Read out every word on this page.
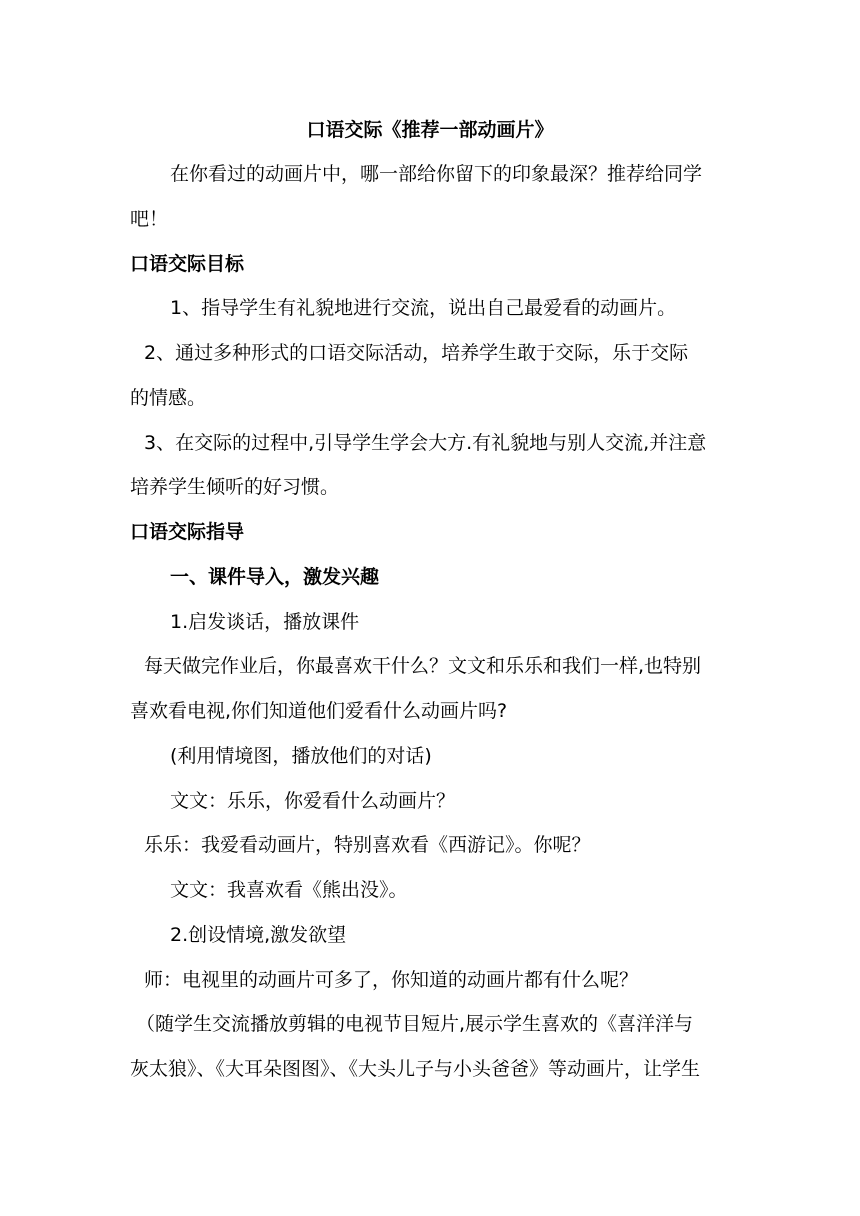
口语交际《推荐一部动画片》
在你看过的动画片中，哪一部给你留下的印象最深？推荐给同学
吧！
口语交际目标
1、指导学生有礼貌地进行交流，说出自己最爱看的动画片。
2、通过多种形式的口语交际活动，培养学生敢于交际，乐于交际
的情感。
3、在交际的过程中,引导学生学会大方.有礼貌地与别人交流,并注意
培养学生倾听的好习惯。
口语交际指导
一、课件导入，激发兴趣
1.启发谈话，播放课件
每天做完作业后，你最喜欢干什么？文文和乐乐和我们一样,也特别
喜欢看电视,你们知道他们爱看什么动画片吗?
(利用情境图，播放他们的对话)
文文：乐乐，你爱看什么动画片？
乐乐：我爱看动画片，特别喜欢看《西游记》。你呢？
文文：我喜欢看《熊出没》。
2.创设情境,激发欲望
师：电视里的动画片可多了，你知道的动画片都有什么呢？
（随学生交流播放剪辑的电视节目短片,展示学生喜欢的《喜洋洋与
灰太狼》、《大耳朵图图》、《大头儿子与小头爸爸》等动画片，让学生
